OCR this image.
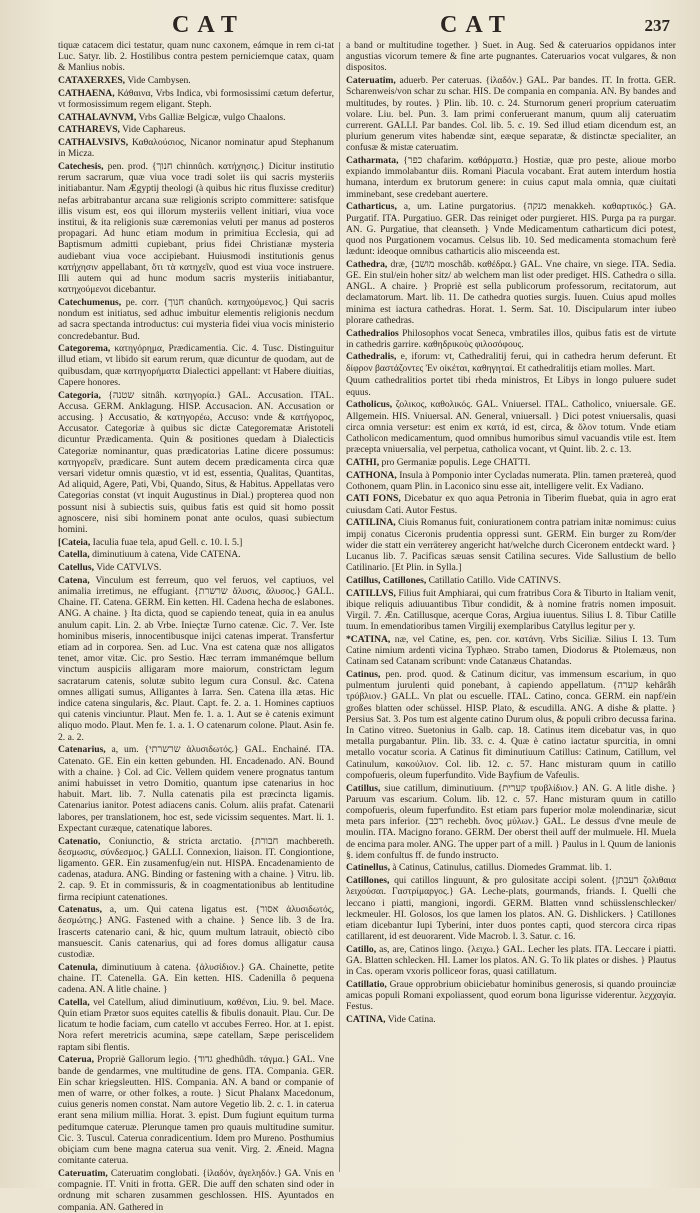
CAT	CAT	237

tiquæ catacem dici testatur, quam nunc caxonem, eámque in rem ci-tat Luc. Satyr. lib. 2. Hostilibus contra pestem perniciemque catax, quam & Manlius nobis.

CATAXERXES, Vide Cambysen.

CATHAENA, Κάθαινα, Vrbs Indica, vbi formosissimi cætum defertur, vt formosissimum regem eligant. Steph.

CATHALAVNVM, Vrbs Galliæ Belgicæ, vulgo Chaalons.

CATHAREVS, Vide Caphareus.

CATHALVSIVS, Καθαλούσιος, Nicanor nominatur apud Stephanum in Micza.

Catechesis, pen. prod. {חנוך chinnûch. κατήχησις.} Dicitur institutio rerum sacrarum, quæ viua voce tradi solet iis qui sacris mysteriis initiabantur. Nam Ægyptij theologi (à quibus hic ritus fluxisse creditur) nefas arbitrabantur arcana suæ religionis scripto committere: satisfque illis visum est, eos qui illorum mysteriis vellent initiari, viua voce institui, & ita religionis suæ cæremonias veluti per manus ad posteros propagari. Ad hunc etiam modum in primitiua Ecclesia, qui ad Baptismum admitti cupiebant, prius fidei Christianæ mysteria audiebant viua voce accipiebant. Huiusmodi institutionis genus κατήχησιν appellabant, ὅτι τὰ κατηχεῖν, quod est viua voce instruere. Illi autem qui ad hunc modum sacris mysteriis initiabantur, κατηχούμενοι dicebantur.

Catechumenus, pe. corr. {חנוך chanûch. κατηχούμενος.} Qui sacris nondum est initiatus, sed adhuc imbuitur elementis religionis necdum ad sacra spectanda introductus: cui mysteria fidei viua vocis ministerio concredebantur. Bud.

Categorema, κατηγόρημα, Prædicamentia. Cic. 4. Tusc. Distinguitur illud etiam, vt libido sit earum rerum, quæ dicuntur de quodam, aut de quibusdam, quæ κατηγορήματα Dialectici appellant: vt Habere diuitias, Capere honores.

Categoria, {שטנה sitnâh. κατηγορία.} GAL. Accusation. ITAL. Accusa. GERM. Anklagung. HISP. Accusacion. AN. Accusation or accusing. } Accusatio, & κατηγορέω, Accuso: vnde & κατήγορος, Accusator. Categoriæ à quibus sic dictæ Categorematæ Aristoteli dicuntur Prædicamenta. Quin & positiones quedam à Dialecticis Categoriæ nominantur, quas prædicatorias Latine dicere possumus: κατηγορεῖν, prædicare. Sunt autem decem prædicamenta circa quæ versari videtur omnis quæstio, vt id est, essentia, Qualitas, Quantitas, Ad aliquid, Agere, Pati, Vbi, Quando, Situs, & Habitus. Appellatas vero Categorias constat (vt inquit Augustinus in Dial.) propterea quod non possunt nisi à subiectis suis, quibus fatis est quid sit homo possit agnoscere, nisi sibi hominem ponat ante oculos, quasi subiectum homini.

[Cateia, Iaculia fuae tela, apud Gell. c. 10. l. 5.]

Catella, diminutiuum à catena, Vide CATENA.

Catellus, Vide CATVLVS.

Catena, Vinculum est ferreum, quo vel feruos, vel captiuos, vel animalia irretimus, ne effugiant. {שרשרת ἅλυσις, ἅλυσος.} GALL. Chaine. IT. Catena. GERM. Ein ketten. HI. Cadena hecha de eslabones. ANG. A chaine. } Ita dicta, quod se capiendo teneat, quia in ea anulus anulum capit. Lin. 2. ab Vrbe. Inieçtæ Turno catenæ. Cic. 7. Ver. Iste hominibus miseris, innocentibusque inijci catenas imperat. Transfertur etiam ad in corporea. Sen. ad Luc. Vna est catena quæ nos alligatos tenet, amor vitæ. Cic. pro Sestio. Hæc terram immanémque bellum vinctum auspiciis alligaram more maiorum, constrictam legum sacratarum catenis, solutæ subito legum cura Consul. &c. Catena omnes alligati sumus, Alligantes à Iarra. Sen. Catena illa ætas. Hic indice catena singularis, &c. Plaut. Capt. fe. 2. a. 1. Homines captiuos qui catenis vinciuntur. Plaut. Men fe. 1. a. 1. Aut se è catenis eximunt aliquo modo. Plaut. Men fe. 1. a. 1. O catenarum colone. Plaut. Asin fe. 2. a. 2.

Catenarius, a, um. {שרשרתי ἁλυσιδωτός.} GAL. Enchainé. ITA. Catenato. GE. Ein ein ketten gebunden. HI. Encadenado. AN. Bound with a chaine. } Col. ad Cic. Vellem quidem venere prognatus tantum animi habuisset in vetro Domitio, quantum ipse catenarius in hoc habuit. Mart. lib. 7. Nulla catenatis pila est præcincta ligamis. Catenarius ianitor. Potest adiacens canis. Colum. aliis prafat. Catenarii labores, per translationem, hoc est, sede vicissim sequentes. Mart. li. 1. Expectant curæque, catenatique labores.

Catenatio, Coniunctio, & stricta arctatio. {חבורת machbereth. δεσμωσις, σύνδεσμος.} GALLI. Connexion, liaison. IT. Congiontione, ligamento. GER. Ein zusamenfug/ein nut. HISPA. Encadenamiento de cadenas, atadura. ANG. Binding or fastening with a chaine. } Vitru. lib. 2. cap. 9. Et in commissuris, & in coagmentationibus ab lentitudine firma recipiunt catenationes.

Catenatus, a, um. Qui catena ligatus est. {אסור ἀλυσιδωτός, δεσμώτης.} ANG. Fastened with a chaine. } Sence lib. 3 de Ira. Irascerts catenario cani, & hic, quum multum latrauit, obiectò cibo mansuescit. Canis catenarius, qui ad fores domus alligatur causa custodiæ.

Catenula, diminutiuum à catena. {ἁλυσίδιον.} GA. Chainette, petite chaine. IT. Catenella. GA. Ein ketten. HIS. Cadenilla ô pequena cadena. AN. A litle chaine. }

Catella, vel Catellum, aliud diminutiuum, καθέναι, Liu. 9. bel. Mace. Quin etiam Prætor suos equites catellis & fibulis donauit. Plau. Cur. De licatum te hodie faciam, cum catello vt accubes Ferreo. Hor. at 1. epist. Nora refert meretricis acumina, sæpe catellam, Sæpe periscelidem raptam sibi flentis.

Caterua, Propriè Gallorum legio. {גדוד ghedhûdh. τάγμα.} GAL. Vne bande de gendarmes, vne multitudine de gens. ITA. Compania. GER. Ein schar kriegsleutten. HIS. Compania. AN. A band or companie of men of warre, or other folkes, a route. } Sicut Phalanx Macedonum, cuius generis nomen constat. Nam autore Vegetio lib. 2. c. 1. in caterua erant sena milium millia. Horat. 3. epist. Dum fugiunt equitum turma peditumque cateruæ. Plerunque tamen pro quauis multitudine sumitur. Cic. 3. Tuscul. Caterua conradicentium. Idem pro Mureno. Posthumius obiçiam cum bene magna caterua sua venit. Virg. 2. Æneid. Magna comitante caterua.

Cateruatim, Cateruatim conglobati. {ἰλαδόν, ἀγεληδόν.} GA. Vnis en compagnie. IT. Vniti in frotta. GER. Die auff den schaten sind oder in ordnung mit scharen zusammen geschlossen. HIS. Ayuntados en compania. AN. Gathered in

a band or multitudine together. } Suet. in Aug. Sed & cateruarios oppidanos inter angustias vicorum temere & fine arte pugnantes. Cateruarios vocat vulgares, & non dispositos.

Cateruatim, aduerb. Per cateruas. {ἰλαδόν.} GAL. Par bandes. IT. In frotta. GER. Scharenweis/von schar zu schar. HIS. De compania en compania. AN. By bandes and multitudes, by routes. } Plin. lib. 10. c. 24. Sturnorum generi proprium cateruatim volare. Liu. bel. Pun. 3. Iam primi conferuerant manum, quum alij cateruatim currerent. GALLI. Par bandes. Col. lib. 5. c. 19. Sed illud etiam dicendum est, an plurium generum vites habendæ sint, eæque separatæ, & distinctæ specialiter, an confusæ & mistæ cateruatim.

Catharmata, {כפר chafarim. καθάρματα.} Hostiæ, quæ pro peste, alioue morbo expiando immolabantur diis. Romani Piacula vocabant. Erat autem interdum hostia humana, interdum ex brutorum genere: in cuius caput mala omnia, quæ ciuitati imminebant, sese credebant auertere.

Catharticus, a, um. Latine purgatorius. {מנקה menakkeh. καθαρτικός.} GA. Purgatif. ITA. Purgatiuo. GER. Das reiniget oder purgieret. HIS. Purga pa ra purgar. AN. G. Purgatiue, that cleanseth. } Vnde Medicamentum catharticum dici potest, quod nos Purgationem vocamus. Celsus lib. 10. Sed medicamenta stomachum ferè lædunt: ideoque omnibus catharticis alio misceenda est.

Cathedra, dræ, {מושב moschâb. καθέδρα.} GAL. Vne chaire, vn siege. ITA. Sedia. GE. Ein stul/ein hoher sitz/ ab welchem man list oder prediget. HIS. Cathedra o silla. ANGL. A chaire. } Propriè est sella publicorum professorum, recitatorum, aut declamatorum. Mart. lib. 11. De cathedra quoties surgis. Iuuen. Cuius apud molles minima est iactura cathedras. Horat. 1. Serm. Sat. 10. Discipularum inter iubeo plorare cathedras.

Cathedralios Philosophos vocat Seneca, vmbratiles illos, quibus fatis est de virtute in cathedris garrire. καθηδρικοὺς φιλοσόφους.

Cathedralis, e, iforum: vt, Cathedralitij ferui, qui in cathedra herum deferunt. Et δίφρον βαστάζοντες Ἐν οἰκέται, καθηγηταί. Et cathedralitijs etiam molles. Mart.

Quum cathedralitios portet tibi rheda ministros, Et Libys in longo puluere sudet equus.

Catholicus, ζολικος, καθολικός. GAL. Vniuersel. ITAL. Catholico, vniuersale. GE. Allgemein. HIS. Vniuersal. AN. General, vniuersall. } Dici potest vniuersalis, quasi circa omnia versetur: est enim ex κατά, id est, circa, & ὅλον totum. Vnde etiam Catholicon medicamentum, quod omnibus humoribus simul vacuandis vtile est. Item præcepta vniuersalia, vel perpetua, catholica vocant, vt Quint. lib. 2. c. 13.

CATHI, pro Germaniæ populis. Lege CHATTI.

CATHONA, Insula à Pomponio inter Cycladas numerata. Plin. tamen prætereà, quod Cothonem, quam Plin. in Laconico sinu esse ait, intelligere velit. Ex Vadiano.

CATI FONS, Dicebatur ex quo aqua Petronia in Tiberim fluebat, quia in agro erat cuiusdam Cati. Autor Festus.

CATILINA, Ciuis Romanus fuit, coniurationem contra patriam initæ nomimus: cuius impij conatus Ciceronis prudentia oppressi sunt. GERM. Ein burger zu Rom/der wider die statt ein verräterey angericht hat/welche durch Ciceronem entdeckt ward. } Lucanus lib. 7. Pacificas sæuas sensit Catilina secures. Vide Sallustium de bello Catilinario. [Et Plin. in Sylla.]

Catillus, Catillones, Catillatio Catillo. Vide CATINVS.

CATILLVS, Filius fuit Amphiarai, qui cum fratribus Cora & Tiburto in Italiam venit, ibique reliquis adiuuantibus Tibur condidit, & à nomine fratris nomen imposuit. Virgil. 7. Æn. Catillusque, acerque Coras, Argiua iuuentus. Silius I. 8. Tibur Catille tuum. In emendatioribus tamen Virgilij exemplaribus Catyllus legitur per y.

*CATINA, næ, vel Catine, es, pen. cor. κατάνη. Vrbs Siciliæ. Silius I. 13. Tum Catine nimium ardenti vicina Typhæo. Strabo tamen, Diodorus & Ptolemæus, non Catinam sed Catanam scribunt: vnde Catanæus Chatandas.

Catinus, pen. prod. quod. & Catinum dicitur, vas immensum escarium, in quo pulmentum jurulenti quid ponebant, à capiendo appellatum. {קערה kehârâh τρύβλιον.} GALL. Vn plat ou escuelle. ITAL. Catino, conca. GERM. ein napf/ein großes blatten oder schüssel. HISP. Plato, & escudilla. ANG. A dishe & platte. } Persius Sat. 3. Pos tum est algente catino Durum olus, & populi cribro decussa farina. In Catino vitreo. Suetonius in Galb. cap. 18. Catinus item dicebatur vas, in quo metalla purgabantur. Plin. lib. 33. c. 4. Quæ è catino iactatur spurcitia, in omni metallo vocatur scoria. A Catinus fit diminutiuum Catillus: Catinum, Catillum, vel Catinulum, κακούλιον. Col. lib. 12. c. 57. Hanc misturam quum in catillo compofueris, oleum fuperfundito. Vide Bayfium de Vafeulis.

Catillus, siue catillum, diminutiuum. {קערית τρυβλίδιον.} AN. G. A litle dishe. } Paruum vas escarium. Colum. lib. 12. c. 57. Hanc misturam quum in catillo compofueris, oleum fuperfundito. Est etiam pars fuperior molæ molendinariæ, sicut meta pars inferior. {רכב rechebh. ὄνος μύλων.} GAL. Le dessus d'vne meule de moulin. ITA. Macigno forano. GERM. Der oberst theil auff der mulmuele. HI. Muela de encima para moler. ANG. The upper part of a mill. } Paulus in l. Quum de lanionis §. idem confultus ff. de fundo instructo.

Catinellus, à Catinus, Catinulus, catillus. Diomedes Grammat. lib. 1.

Catillones, qui catillos linguunt, & pro gulositate accipi solent. {רעבתן ζολιθαια λειχούσαι. Γαστρίμαργος.} GA. Leche-plats, gourmands, friands. I. Quelli che leccano i piatti, mangioni, ingordi. GERM. Blatten vnnd schüsslenschlecker/ leckmeuler. HI. Golosos, los que lamen los platos. AN. G. Dishlickers. } Catillones etiam dicebantur Iupi Tyberini, inter duos pontes capti, quod stercora circa ripas catillarent, id est deuorarent. Vide Macrob. l. 3. Satur. c. 16.

Catillo, as, are, Catinos lingo. {λειχω.} GAL. Lecher les plats. ITA. Leccare i piatti. GA. Blatten schlecken. HI. Lamer los platos. AN. G. To lik plates or dishes. } Plautus in Cas. operam vxoris polliceor foras, quasi catillatum.

Catillatio, Graue opprobrium obiiciebatur hominibus generosis, si quando prouinciæ amicas populi Romani expoliassent, quod eorum bona ligurisse viderentur. λεχχαγία. Festus.

CATINA, Vide Catina.
